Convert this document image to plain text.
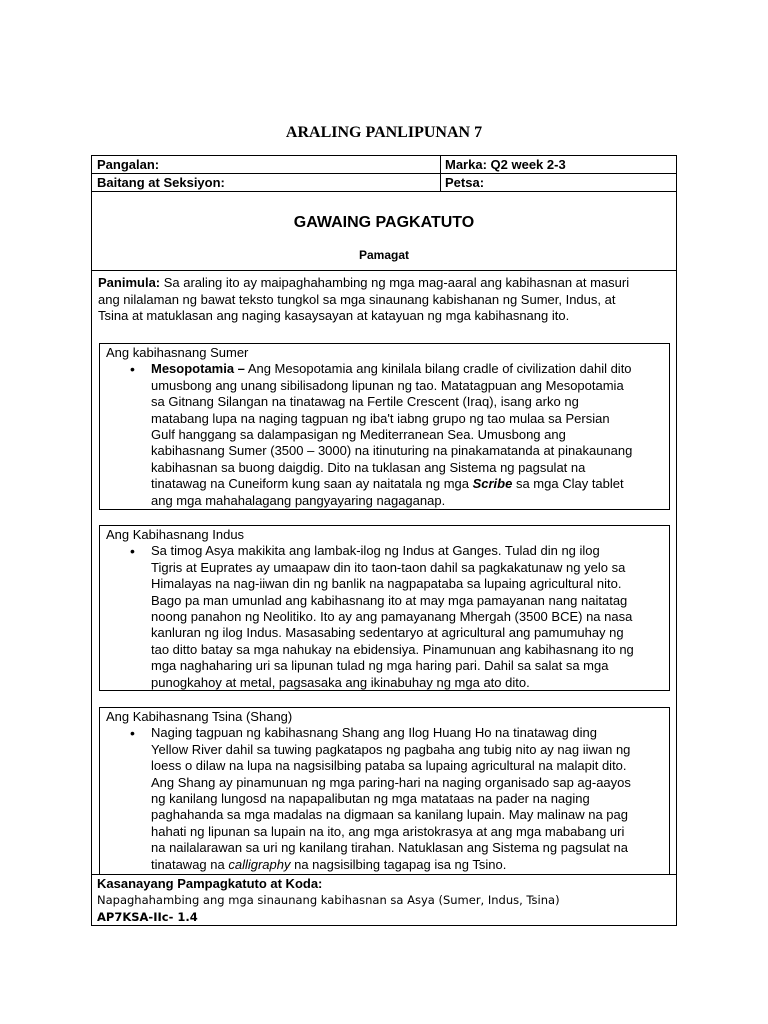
ARALING PANLIPUNAN 7
Pangalan:	Marka: Q2 week 2-3
Baitang at Seksiyon:	Petsa:
GAWAING PAGKATUTO
Pamagat
Panimula: Sa araling ito ay maipaghahambing ng mga mag-aaral ang kabihasnan at masuri
ang nilalaman ng bawat teksto tungkol sa mga sinaunang kabishanan ng Sumer, Indus, at
Tsina at matuklasan ang naging kasaysayan at katayuan ng mga kabihasnang ito.
Ang kabihasnang Sumer
• Mesopotamia – Ang Mesopotamia ang kinilala bilang cradle of civilization dahil dito
umusbong ang unang sibilisadong lipunan ng tao. Matatagpuan ang Mesopotamia
sa Gitnang Silangan na tinatawag na Fertile Crescent (Iraq), isang arko ng
matabang lupa na naging tagpuan ng iba't iabng grupo ng tao mulaa sa Persian
Gulf hanggang sa dalampasigan ng Mediterranean Sea. Umusbong ang
kabihasnang Sumer (3500 – 3000) na itinuturing na pinakamatanda at pinakaunang
kabihasnan sa buong daigdig. Dito na tuklasan ang Sistema ng pagsulat na
tinatawag na Cuneiform kung saan ay naitatala ng mga Scribe sa mga Clay tablet
ang mga mahahalagang pangyayaring nagaganap.
Ang Kabihasnang Indus
• Sa timog Asya makikita ang lambak-ilog ng Indus at Ganges. Tulad din ng ilog
Tigris at Euprates ay umaapaw din ito taon-taon dahil sa pagkakatunaw ng yelo sa
Himalayas na nag-iiwan din ng banlik na nagpapataba sa lupaing agricultural nito.
Bago pa man umunlad ang kabihasnang ito at may mga pamayanan nang naitatag
noong panahon ng Neolitiko. Ito ay ang pamayanang Mhergah (3500 BCE) na nasa
kanluran ng ilog Indus. Masasabing sedentaryo at agricultural ang pamumuhay ng
tao ditto batay sa mga nahukay na ebidensiya. Pinamunuan ang kabihasnang ito ng
mga naghaharing uri sa lipunan tulad ng mga haring pari. Dahil sa salat sa mga
punogkahoy at metal, pagsasaka ang ikinabuhay ng mga ato dito.
Ang Kabihasnang Tsina (Shang)
• Naging tagpuan ng kabihasnang Shang ang Ilog Huang Ho na tinatawag ding
Yellow River dahil sa tuwing pagkatapos ng pagbaha ang tubig nito ay nag iiwan ng
loess o dilaw na lupa na nagsisilbing pataba sa lupaing agricultural na malapit dito.
Ang Shang ay pinamunuan ng mga paring-hari na naging organisado sap ag-aayos
ng kanilang lungosd na napapalibutan ng mga matataas na pader na naging
paghahanda sa mga madalas na digmaan sa kanilang lupain. May malinaw na pag
hahati ng lipunan sa lupain na ito, ang mga aristokrasya at ang mga mababang uri
na nailalarawan sa uri ng kanilang tirahan. Natuklasan ang Sistema ng pagsulat na
tinatawag na calligraphy na nagsisilbing tagapag isa ng Tsino.
Kasanayang Pampagkatuto at Koda:
Napaghahambing ang mga sinaunang kabihasnan sa Asya (Sumer, Indus, Tsina)
AP7KSA-IIc- 1.4
